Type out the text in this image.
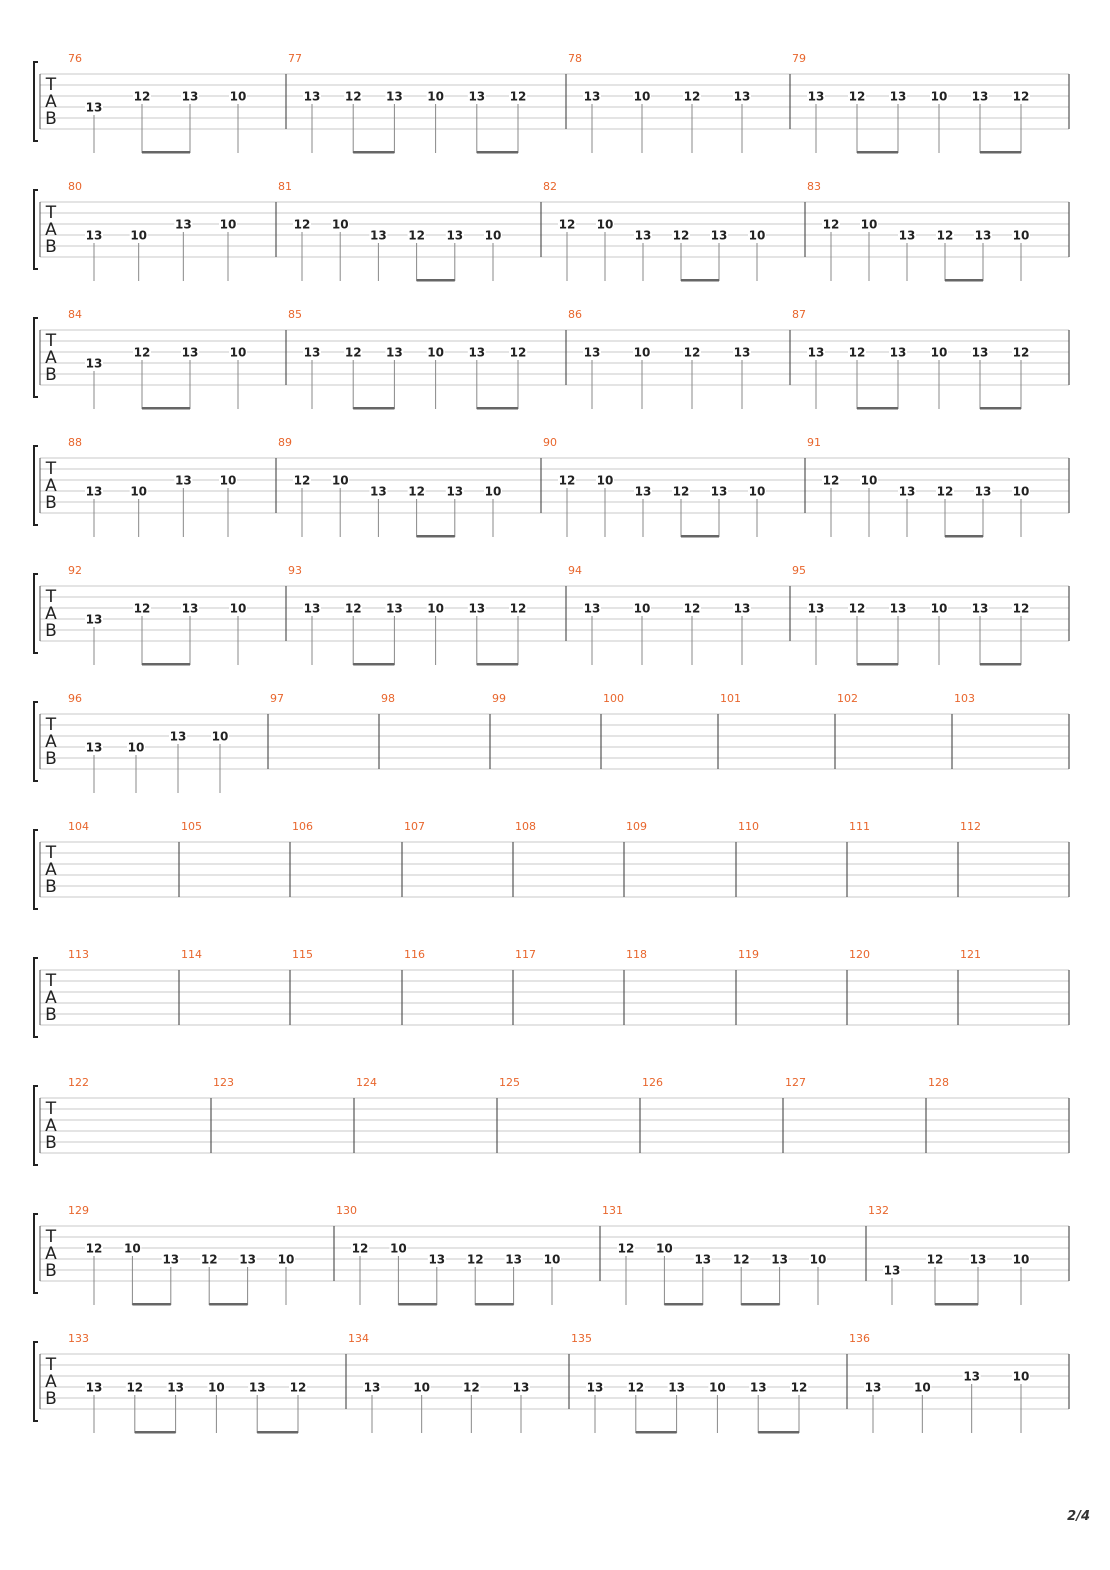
T
A
B
76
13
12	13	10
77
13 12 13 10 13 12
78
13	10	12	13
79
13 12 13 10 13 12
T
A
B
80
13 10
13 10
81
12 10
13 12 13 10
82
12 10
13 12 13 10
83
12 10
13 12 13 10
T
A
B
84
13
12	13	10
85
13 12 13 10 13 12
86
13	10	12	13
87
13 12 13 10 13 12
T
A
B
88
13 10
13 10
89
12 10
13 12 13 10
90
12 10
13 12 13 10
91
12 10
13 12 13 10
T
A
B
92
13
12	13	10
93
13 12 13 10 13 12
94
13	10	12	13
95
13 12 13 10 13 12
T
A
B
96
13 10
13 10
97	98	99	100	101	102	103
T
A
B
104	105	106	107	108	109	110	111	112
T
A
B
113	114	115	116	117	118	119	120	121
T
A
B
122	123	124	125	126	127	128
T
A
B
129
12 10
13 12 13 10
130
12 10
13 12 13 10
131
12 10
13 12 13 10
132
13
12 13 10
T
A
B
133
13 12 13 10 13 12
134
13	10	12	13
135
13 12 13 10 13 12
136
13	10
13	10
2/4
